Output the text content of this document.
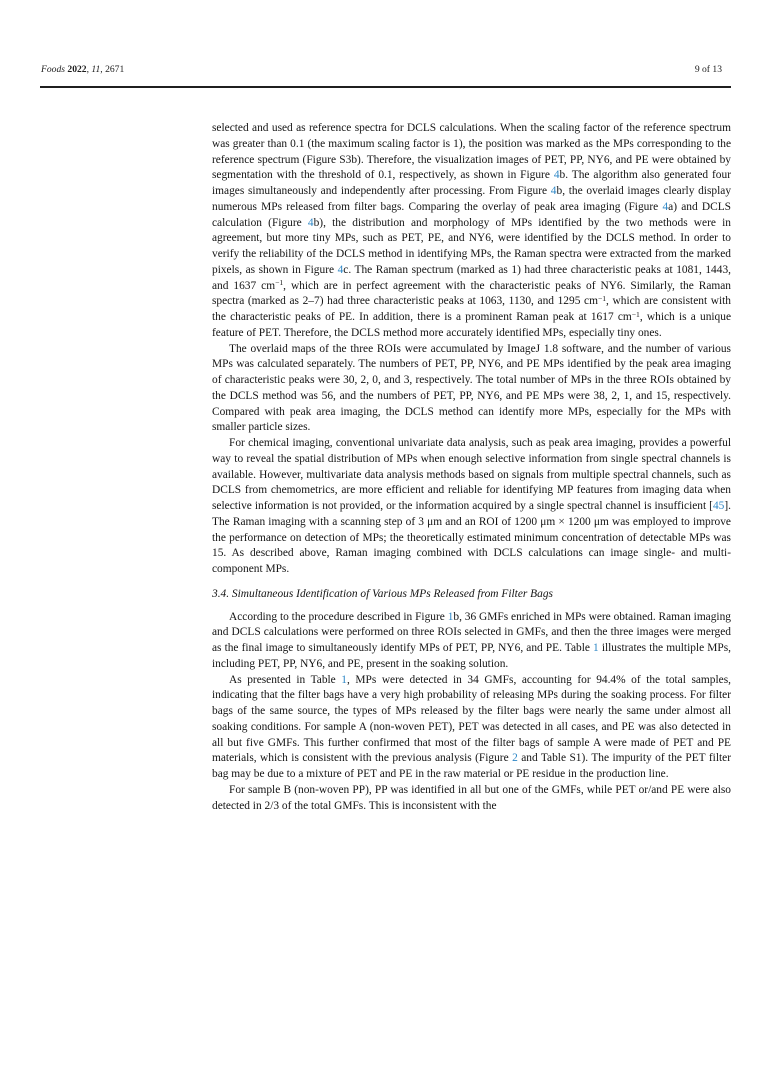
Foods 2022, 11, 2671	9 of 13

selected and used as reference spectra for DCLS calculations. When the scaling factor of the reference spectrum was greater than 0.1 (the maximum scaling factor is 1), the position was marked as the MPs corresponding to the reference spectrum (Figure S3b). Therefore, the visualization images of PET, PP, NY6, and PE were obtained by segmentation with the threshold of 0.1, respectively, as shown in Figure 4b. The algorithm also generated four images simultaneously and independently after processing. From Figure 4b, the overlaid images clearly display numerous MPs released from filter bags. Comparing the overlay of peak area imaging (Figure 4a) and DCLS calculation (Figure 4b), the distribution and morphology of MPs identified by the two methods were in agreement, but more tiny MPs, such as PET, PE, and NY6, were identified by the DCLS method. In order to verify the reliability of the DCLS method in identifying MPs, the Raman spectra were extracted from the marked pixels, as shown in Figure 4c. The Raman spectrum (marked as 1) had three characteristic peaks at 1081, 1443, and 1637 $cm^{-1}$, which are in perfect agreement with the characteristic peaks of NY6. Similarly, the Raman spectra (marked as 2–7) had three characteristic peaks at 1063, 1130, and 1295 $cm^{-1}$, which are consistent with the characteristic peaks of PE. In addition, there is a prominent Raman peak at 1617 $cm^{-1}$, which is a unique feature of PET. Therefore, the DCLS method more accurately identified MPs, especially tiny ones.

The overlaid maps of the three ROIs were accumulated by ImageJ 1.8 software, and the number of various MPs was calculated separately. The numbers of PET, PP, NY6, and PE MPs identified by the peak area imaging of characteristic peaks were 30, 2, 0, and 3, respectively. The total number of MPs in the three ROIs obtained by the DCLS method was 56, and the numbers of PET, PP, NY6, and PE MPs were 38, 2, 1, and 15, respectively. Compared with peak area imaging, the DCLS method can identify more MPs, especially for the MPs with smaller particle sizes.

For chemical imaging, conventional univariate data analysis, such as peak area imaging, provides a powerful way to reveal the spatial distribution of MPs when enough selective information from single spectral channels is available. However, multivariate data analysis methods based on signals from multiple spectral channels, such as DCLS from chemometrics, are more efficient and reliable for identifying MP features from imaging data when selective information is not provided, or the information acquired by a single spectral channel is insufficient [45]. The Raman imaging with a scanning step of 3 μm and an ROI of 1200 μm × 1200 μm was employed to improve the performance on detection of MPs; the theoretically estimated minimum concentration of detectable MPs was 15. As described above, Raman imaging combined with DCLS calculations can image single- and multi-component MPs.

3.4. Simultaneous Identification of Various MPs Released from Filter Bags

According to the procedure described in Figure 1b, 36 GMFs enriched in MPs were obtained. Raman imaging and DCLS calculations were performed on three ROIs selected in GMFs, and then the three images were merged as the final image to simultaneously identify MPs of PET, PP, NY6, and PE. Table 1 illustrates the multiple MPs, including PET, PP, NY6, and PE, present in the soaking solution.

As presented in Table 1, MPs were detected in 34 GMFs, accounting for 94.4% of the total samples, indicating that the filter bags have a very high probability of releasing MPs during the soaking process. For filter bags of the same source, the types of MPs released by the filter bags were nearly the same under almost all soaking conditions. For sample A (non-woven PET), PET was detected in all cases, and PE was also detected in all but five GMFs. This further confirmed that most of the filter bags of sample A were made of PET and PE materials, which is consistent with the previous analysis (Figure 2 and Table S1). The impurity of the PET filter bag may be due to a mixture of PET and PE in the raw material or PE residue in the production line.

For sample B (non-woven PP), PP was identified in all but one of the GMFs, while PET or/and PE were also detected in 2/3 of the total GMFs. This is inconsistent with the
